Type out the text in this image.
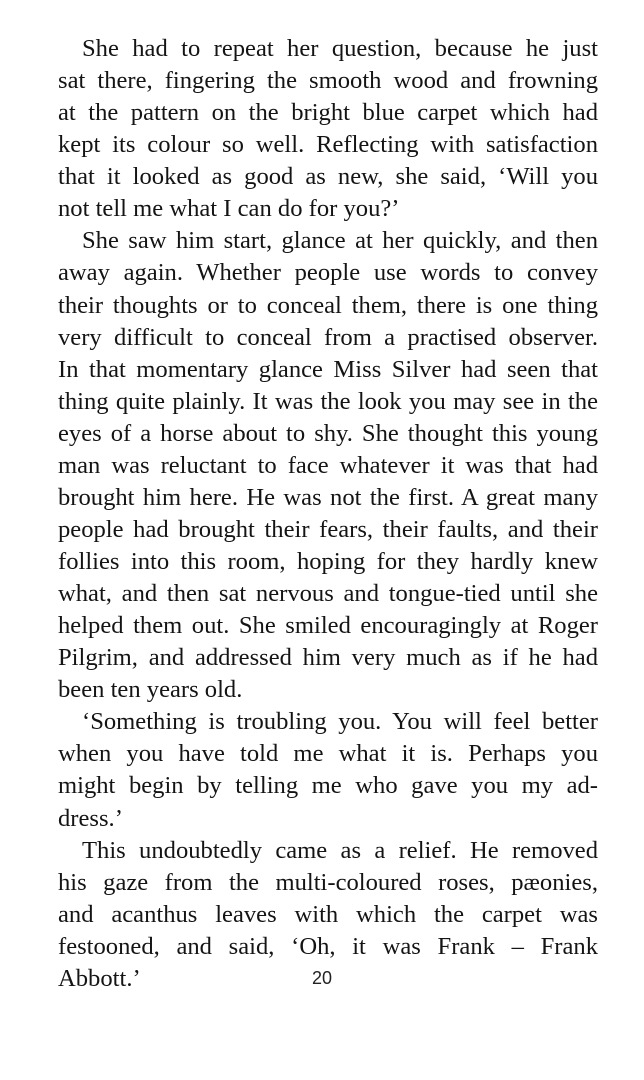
She had to repeat her question, because he just
sat there, fingering the smooth wood and frowning
at the pattern on the bright blue carpet which had
kept its colour so well. Reflecting with satisfaction
that it looked as good as new, she said, ‘Will you
not tell me what I can do for you?’
She saw him start, glance at her quickly, and then
away again. Whether people use words to convey
their thoughts or to conceal them, there is one thing
very difficult to conceal from a practised observer.
In that momentary glance Miss Silver had seen that
thing quite plainly. It was the look you may see in the
eyes of a horse about to shy. She thought this young
man was reluctant to face whatever it was that had
brought him here. He was not the first. A great many
people had brought their fears, their faults, and their
follies into this room, hoping for they hardly knew
what, and then sat nervous and tongue-tied until she
helped them out. She smiled encouragingly at Roger
Pilgrim, and addressed him very much as if he had
been ten years old.
‘Something is troubling you. You will feel better
when you have told me what it is. Perhaps you
might begin by telling me who gave you my ad-
dress.’
This undoubtedly came as a relief. He removed
his gaze from the multi-coloured roses, pæonies,
and acanthus leaves with which the carpet was
festooned, and said, ‘Oh, it was Frank – Frank
Abbott.’	20
